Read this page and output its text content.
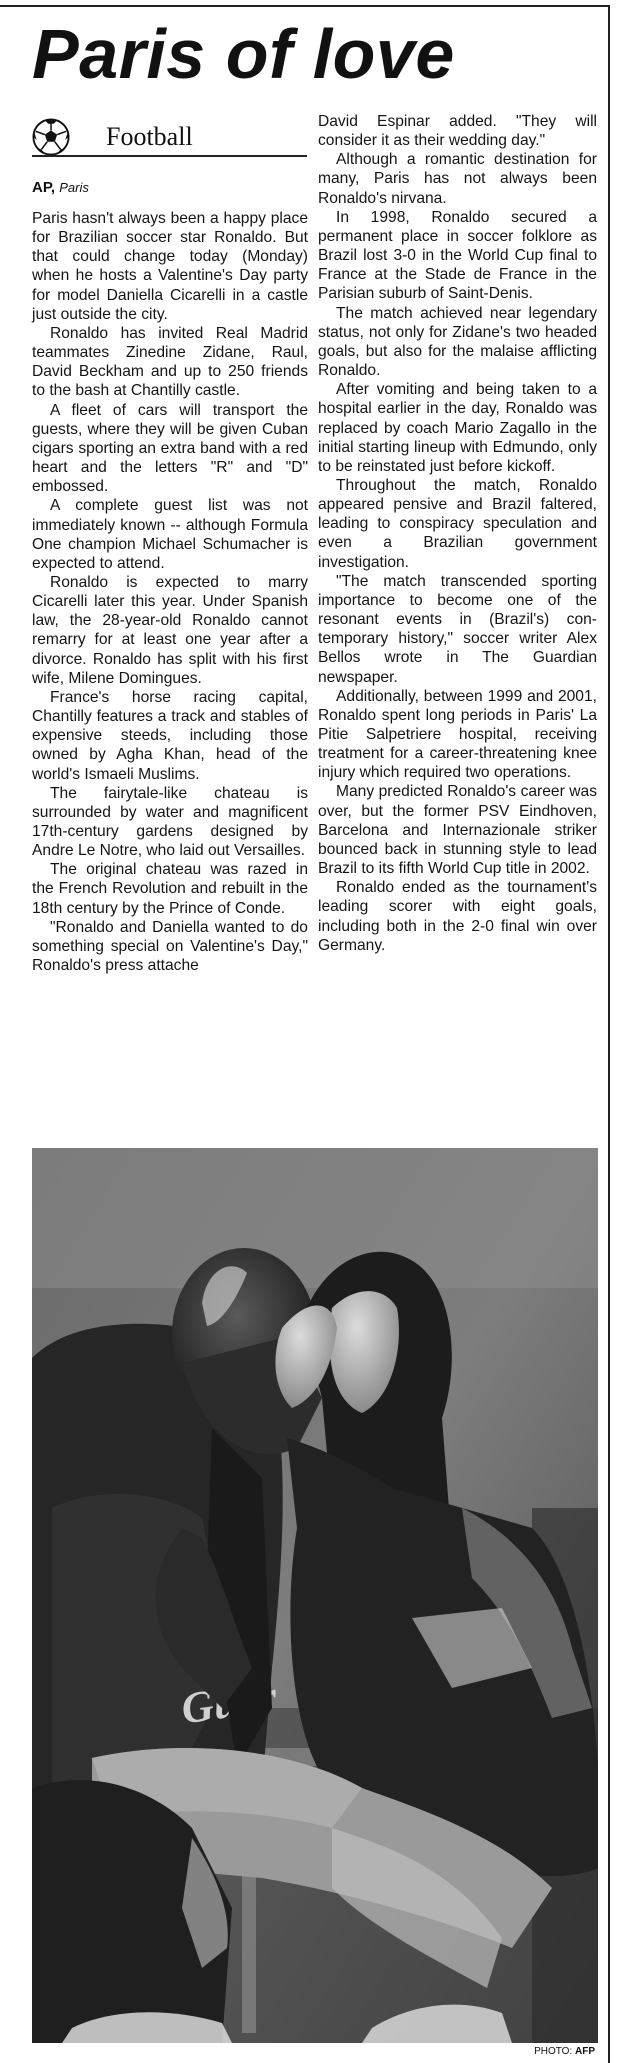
Paris of love
Football
AP, Paris

Paris hasn't always been a happy place for Brazilian soccer star Ronaldo. But that could change today (Monday) when he hosts a Valentine's Day party for model Daniella Cicarelli in a castle just outside the city.

Ronaldo has invited Real Madrid teammates Zinedine Zidane, Raul, David Beckham and up to 250 friends to the bash at Chantilly castle.

A fleet of cars will transport the guests, where they will be given Cuban cigars sporting an extra band with a red heart and the letters "R" and "D" embossed.

A complete guest list was not immediately known -- although Formula One champion Michael Schumacher is expected to attend.

Ronaldo is expected to marry Cicarelli later this year. Under Spanish law, the 28-year-old Ronaldo cannot remarry for at least one year after a divorce. Ronaldo has split with his first wife, Milene Domingues.

France's horse racing capital, Chantilly features a track and stables of expensive steeds, including those owned by Agha Khan, head of the world's Ismaeli Muslims.

The fairytale-like chateau is surrounded by water and magnificent 17th-century gardens designed by Andre Le Notre, who laid out Versailles.

The original chateau was razed in the French Revolution and rebuilt in the 18th century by the Prince of Conde.

"Ronaldo and Daniella wanted to do something special on Valentine's Day," Ronaldo's press attache

David Espinar added. "They will consider it as their wedding day."

Although a romantic destination for many, Paris has not always been Ronaldo's nirvana.

In 1998, Ronaldo secured a permanent place in soccer folklore as Brazil lost 3-0 in the World Cup final to France at the Stade de France in the Parisian suburb of Saint-Denis.

The match achieved near legendary status, not only for Zidane's two headed goals, but also for the malaise afflicting Ronaldo.

After vomiting and being taken to a hospital earlier in the day, Ronaldo was replaced by coach Mario Zagallo in the initial starting lineup with Edmundo, only to be reinstated just before kickoff.

Throughout the match, Ronaldo appeared pensive and Brazil faltered, leading to conspiracy speculation and even a Brazilian government investigation.

"The match transcended sporting importance to become one of the resonant events in (Brazil's) contemporary history," soccer writer Alex Bellos wrote in The Guardian newspaper.

Additionally, between 1999 and 2001, Ronaldo spent long periods in Paris' La Pitie Salpetriere hospital, receiving treatment for a career-threatening knee injury which required two operations.

Many predicted Ronaldo's career was over, but the former PSV Eindhoven, Barcelona and Internazionale striker bounced back in stunning style to lead Brazil to its fifth World Cup title in 2002.

Ronaldo ended as the tournament's leading scorer with eight goals, including both in the 2-0 final win over Germany.

PHOTO: AFP
